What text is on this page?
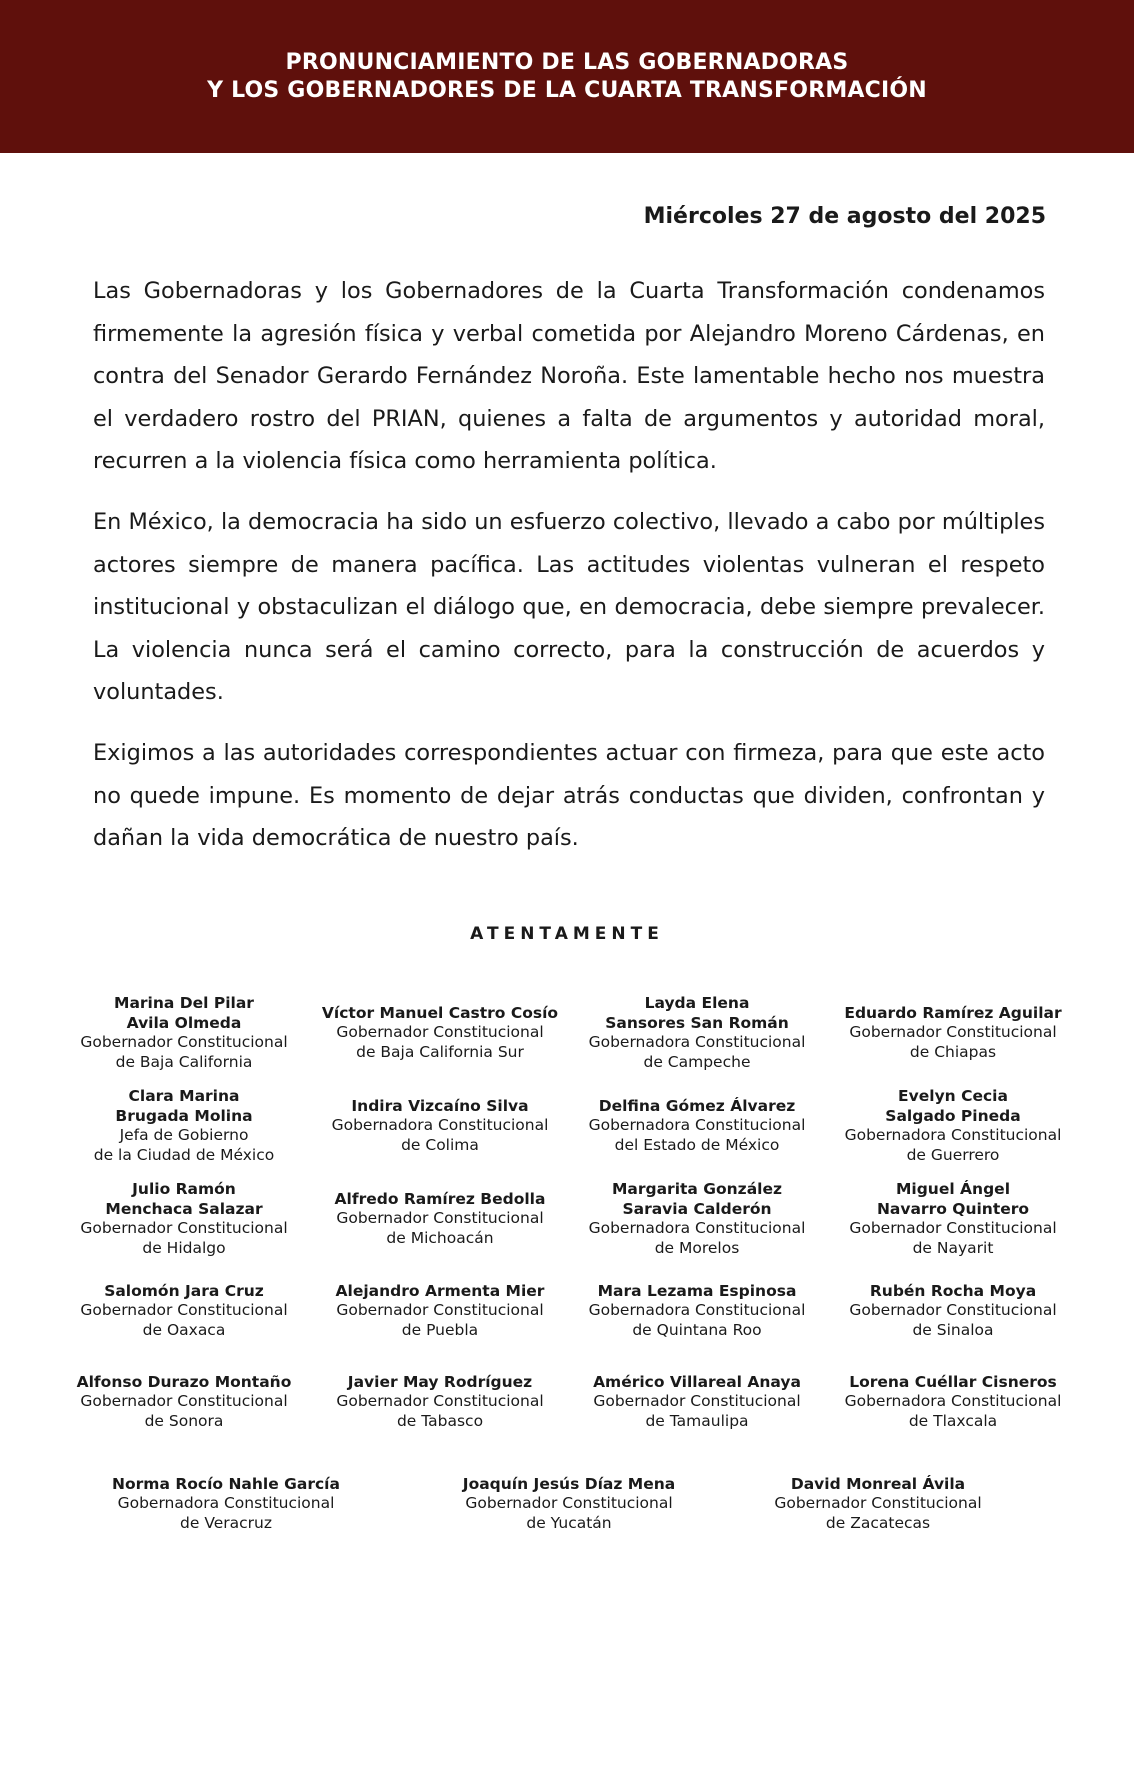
PRONUNCIAMIENTO DE LAS GOBERNADORAS
Y LOS GOBERNADORES DE LA CUARTA TRANSFORMACIÓN
Miércoles 27 de agosto del 2025

Las Gobernadoras y los Gobernadores de la Cuarta Transformación condenamos firmemente la agresión física y verbal cometida por Alejandro Moreno Cárdenas, en contra del Senador Gerardo Fernández Noroña. Este lamentable hecho nos muestra el verdadero rostro del PRIAN, quienes a falta de argumentos y autoridad moral, recurren a la violencia física como herramienta política.

En México, la democracia ha sido un esfuerzo colectivo, llevado a cabo por múltiples actores siempre de manera pacífica. Las actitudes violentas vulneran el respeto institucional y obstaculizan el diálogo que, en democracia, debe siempre prevalecer. La violencia nunca será el camino correcto, para la construcción de acuerdos y voluntades.

Exigimos a las autoridades correspondientes actuar con firmeza, para que este acto no quede impune. Es momento de dejar atrás conductas que dividen, confrontan y dañan la vida democrática de nuestro país.

ATENTAMENTE
Marina Del Pilar
Avila Olmeda
Gobernador Constitucional
de Baja California
Víctor Manuel Castro Cosío
Gobernador Constitucional
de Baja California Sur
Layda Elena
Sansores San Román
Gobernadora Constitucional
de Campeche
Eduardo Ramírez Aguilar
Gobernador Constitucional
de Chiapas
Clara Marina
Brugada Molina
Jefa de Gobierno
de la Ciudad de México
Indira Vizcaíno Silva
Gobernadora Constitucional
de Colima
Delfina Gómez Álvarez
Gobernadora Constitucional
del Estado de México
Evelyn Cecia
Salgado Pineda
Gobernadora Constitucional
de Guerrero
Julio Ramón
Menchaca Salazar
Gobernador Constitucional
de Hidalgo
Alfredo Ramírez Bedolla
Gobernador Constitucional
de Michoacán
Margarita González
Saravia Calderón
Gobernadora Constitucional
de Morelos
Miguel Ángel
Navarro Quintero
Gobernador Constitucional
de Nayarit
Salomón Jara Cruz
Gobernador Constitucional
de Oaxaca
Alejandro Armenta Mier
Gobernador Constitucional
de Puebla
Mara Lezama Espinosa
Gobernadora Constitucional
de Quintana Roo
Rubén Rocha Moya
Gobernador Constitucional
de Sinaloa
Alfonso Durazo Montaño
Gobernador Constitucional
de Sonora
Javier May Rodríguez
Gobernador Constitucional
de Tabasco
Américo Villareal Anaya
Gobernador Constitucional
de Tamaulipa
Lorena Cuéllar Cisneros
Gobernadora Constitucional
de Tlaxcala
Norma Rocío Nahle García
Gobernadora Constitucional
de Veracruz
Joaquín Jesús Díaz Mena
Gobernador Constitucional
de Yucatán
David Monreal Ávila
Gobernador Constitucional
de Zacatecas
